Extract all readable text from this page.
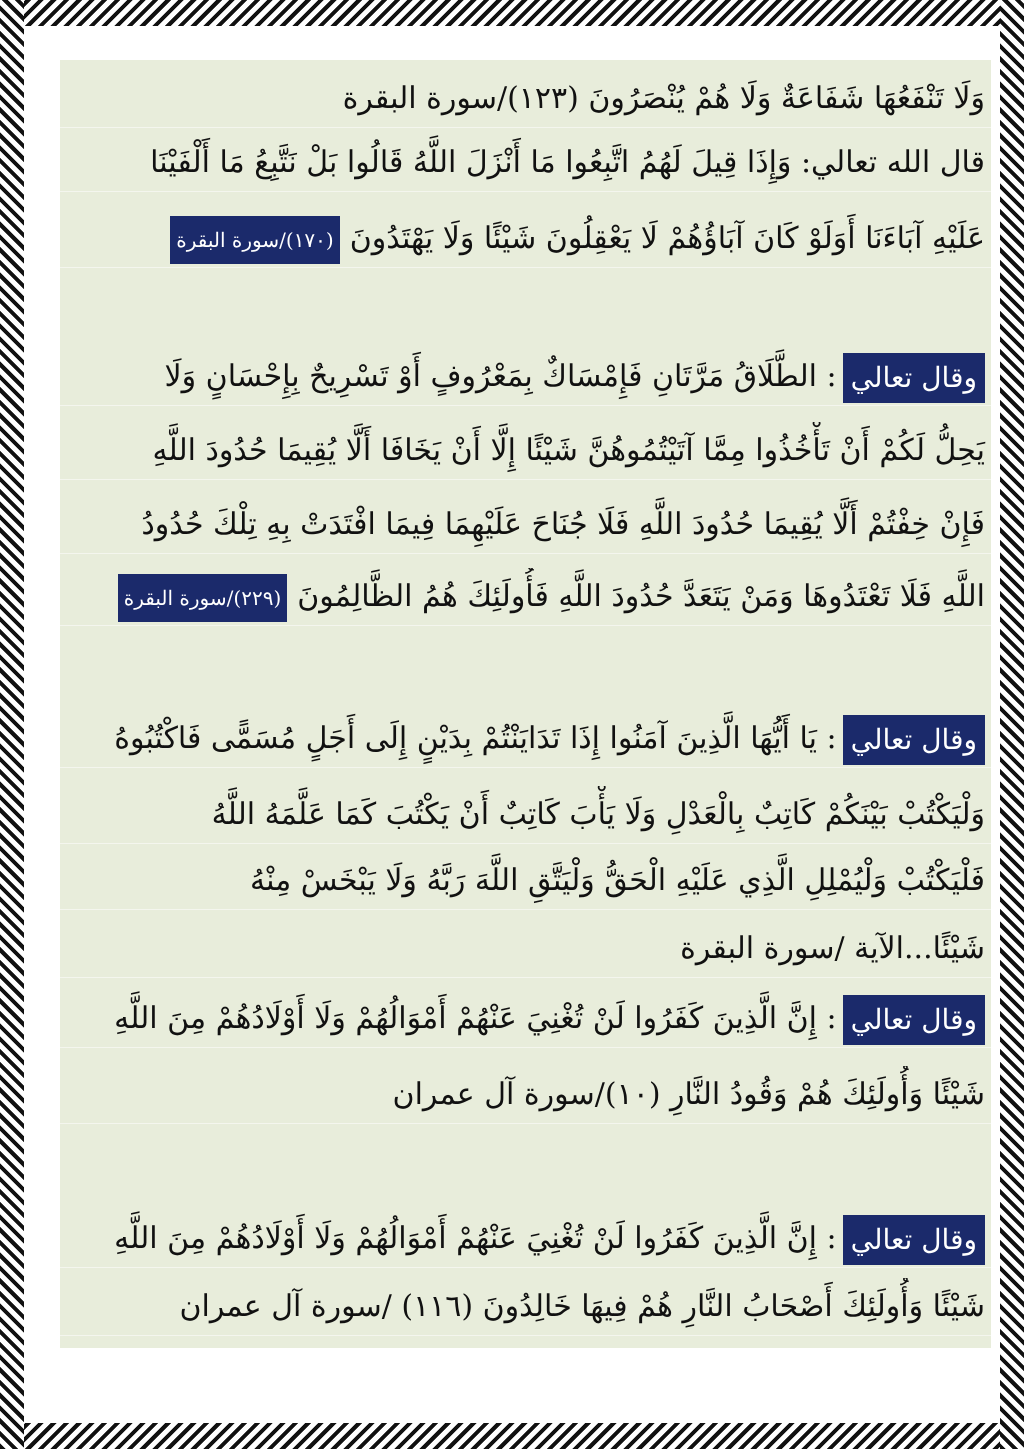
وَلَا تَنْفَعُهَا شَفَاعَةٌ وَلَا هُمْ يُنْصَرُونَ (١٢٣)/سورة البقرة
قال الله تعالي: وَإِذَا قِيلَ لَهُمُ اتَّبِعُوا مَا أَنْزَلَ اللَّهُ قَالُوا بَلْ نَتَّبِعُ مَا أَلْفَيْنَا
عَلَيْهِ آبَاءَنَا أَوَلَوْ كَانَ آبَاؤُهُمْ لَا يَعْقِلُونَ شَيْئًا وَلَا يَهْتَدُونَ(١٧٠)/سورة البقرة
وقال تعالي: الطَّلَاقُ مَرَّتَانِ فَإِمْسَاكٌ بِمَعْرُوفٍ أَوْ تَسْرِيحٌ بِإِحْسَانٍ وَلَا
يَحِلُّ لَكُمْ أَنْ تَأْخُذُوا مِمَّا آتَيْتُمُوهُنَّ شَيْئًا إِلَّا أَنْ يَخَافَا أَلَّا يُقِيمَا حُدُودَ اللَّهِ
فَإِنْ خِفْتُمْ أَلَّا يُقِيمَا حُدُودَ اللَّهِ فَلَا جُنَاحَ عَلَيْهِمَا فِيمَا افْتَدَتْ بِهِ تِلْكَ حُدُودُ
اللَّهِ فَلَا تَعْتَدُوهَا وَمَنْ يَتَعَدَّ حُدُودَ اللَّهِ فَأُولَئِكَ هُمُ الظَّالِمُونَ(٢٢٩)/سورة البقرة
وقال تعالي: يَا أَيُّهَا الَّذِينَ آمَنُوا إِذَا تَدَايَنْتُمْ بِدَيْنٍ إِلَى أَجَلٍ مُسَمًّى فَاكْتُبُوهُ
وَلْيَكْتُبْ بَيْنَكُمْ كَاتِبٌ بِالْعَدْلِ وَلَا يَأْبَ كَاتِبٌ أَنْ يَكْتُبَ كَمَا عَلَّمَهُ اللَّهُ
فَلْيَكْتُبْ وَلْيُمْلِلِ الَّذِي عَلَيْهِ الْحَقُّ وَلْيَتَّقِ اللَّهَ رَبَّهُ وَلَا يَبْخَسْ مِنْهُ
شَيْئًا...الآية /سورة البقرة
وقال تعالي: إِنَّ الَّذِينَ كَفَرُوا لَنْ تُغْنِيَ عَنْهُمْ أَمْوَالُهُمْ وَلَا أَوْلَادُهُمْ مِنَ اللَّهِ
شَيْئًا وَأُولَئِكَ هُمْ وَقُودُ النَّارِ (١٠)/سورة آل عمران
وقال تعالي: إِنَّ الَّذِينَ كَفَرُوا لَنْ تُغْنِيَ عَنْهُمْ أَمْوَالُهُمْ وَلَا أَوْلَادُهُمْ مِنَ اللَّهِ
شَيْئًا وَأُولَئِكَ أَصْحَابُ النَّارِ هُمْ فِيهَا خَالِدُونَ (١١٦) /سورة آل عمران
